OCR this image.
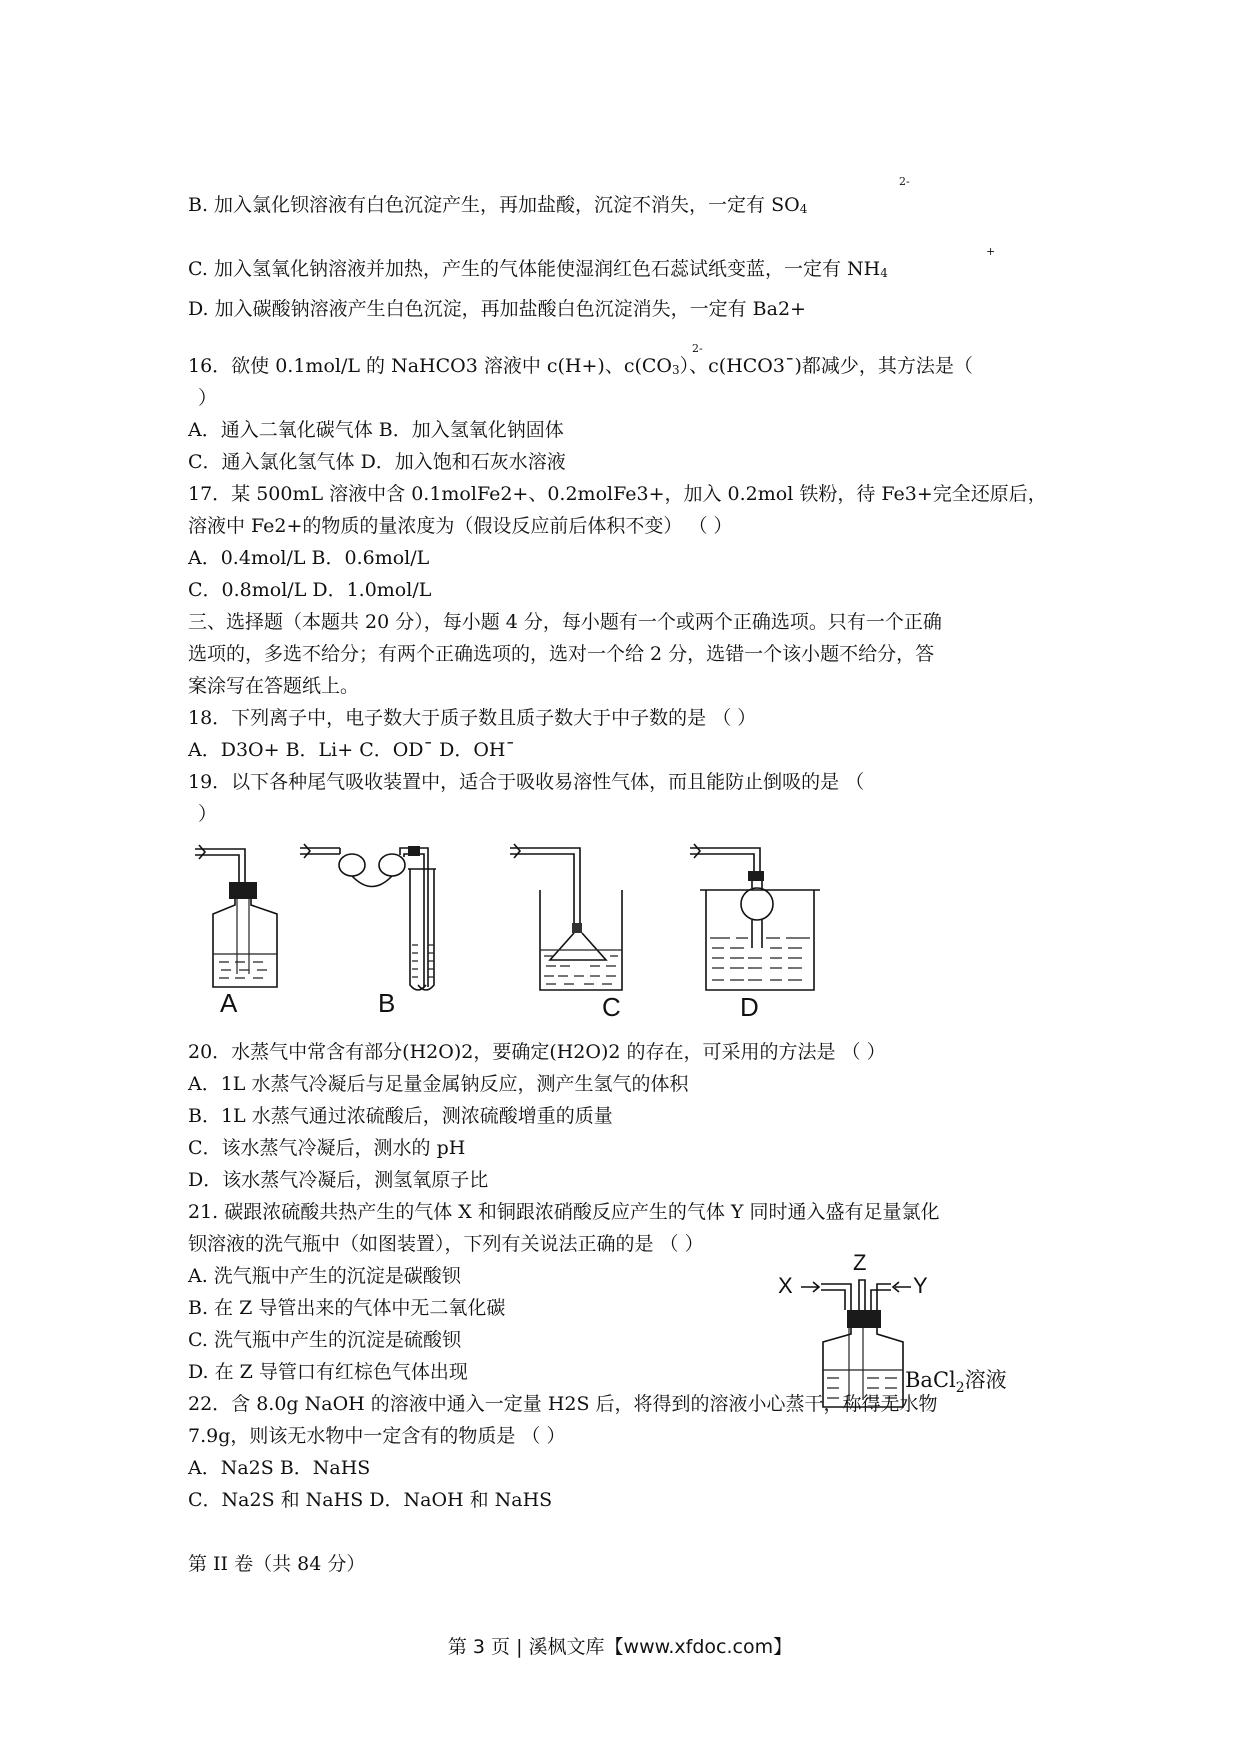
B. 加入氯化钡溶液有白色沉淀产生，再加盐酸，沉淀不消失，一定有 SO4
2-
C. 加入氢氧化钠溶液并加热，产生的气体能使湿润红色石蕊试纸变蓝，一定有 NH4
+
D. 加入碳酸钠溶液产生白色沉淀，再加盐酸白色沉淀消失，一定有 Ba2+
16．欲使 0.1mol/L 的 NaHCO3 溶液中 c(H+)、c(CO3）、c(HCO3¯)都减少，其方法是（
2-
）
A．通入二氧化碳气体 B．加入氢氧化钠固体
C．通入氯化氢气体 D．加入饱和石灰水溶液
17．某 500mL 溶液中含 0.1molFe2+、0.2molFe3+，加入 0.2mol 铁粉，待 Fe3+完全还原后，
溶液中 Fe2+的物质的量浓度为（假设反应前后体积不变） （ ）
A．0.4mol/L B．0.6mol/L
C．0.8mol/L D．1.0mol/L
三、选择题（本题共 20 分），每小题 4 分，每小题有一个或两个正确选项。只有一个正确
选项的，多选不给分；有两个正确选项的，选对一个给 2 分，选错一个该小题不给分，答
案涂写在答题纸上。
18．下列离子中，电子数大于质子数且质子数大于中子数的是 （ ）
A．D3O+ B．Li+ C．OD¯ D．OH¯
19．以下各种尾气吸收装置中，适合于吸收易溶性气体，而且能防止倒吸的是 （
）
A	B	C	D
20．水蒸气中常含有部分(H2O)2，要确定(H2O)2 的存在，可采用的方法是 （ ）
A．1L 水蒸气冷凝后与足量金属钠反应，测产生氢气的体积
B．1L 水蒸气通过浓硫酸后，测浓硫酸增重的质量
C．该水蒸气冷凝后，测水的 pH
D．该水蒸气冷凝后，测氢氧原子比
21. 碳跟浓硫酸共热产生的气体 X 和铜跟浓硝酸反应产生的气体 Y 同时通入盛有足量氯化
钡溶液的洗气瓶中（如图装置），下列有关说法正确的是 （ ）
A. 洗气瓶中产生的沉淀是碳酸钡
B. 在 Z 导管出来的气体中无二氧化碳
C. 洗气瓶中产生的沉淀是硫酸钡
D. 在 Z 导管口有红棕色气体出现
X	Y
Z
BaCl$_2$溶液
22．含 8.0g NaOH 的溶液中通入一定量 H2S 后，将得到的溶液小心蒸干，称得无水物
7.9g，则该无水物中一定含有的物质是 （ ）
A．Na2S B．NaHS
C．Na2S 和 NaHS D．NaOH 和 NaHS
第 II 卷（共 84 分）
第 3 页 | 溪枫文库【www.xfdoc.com】
